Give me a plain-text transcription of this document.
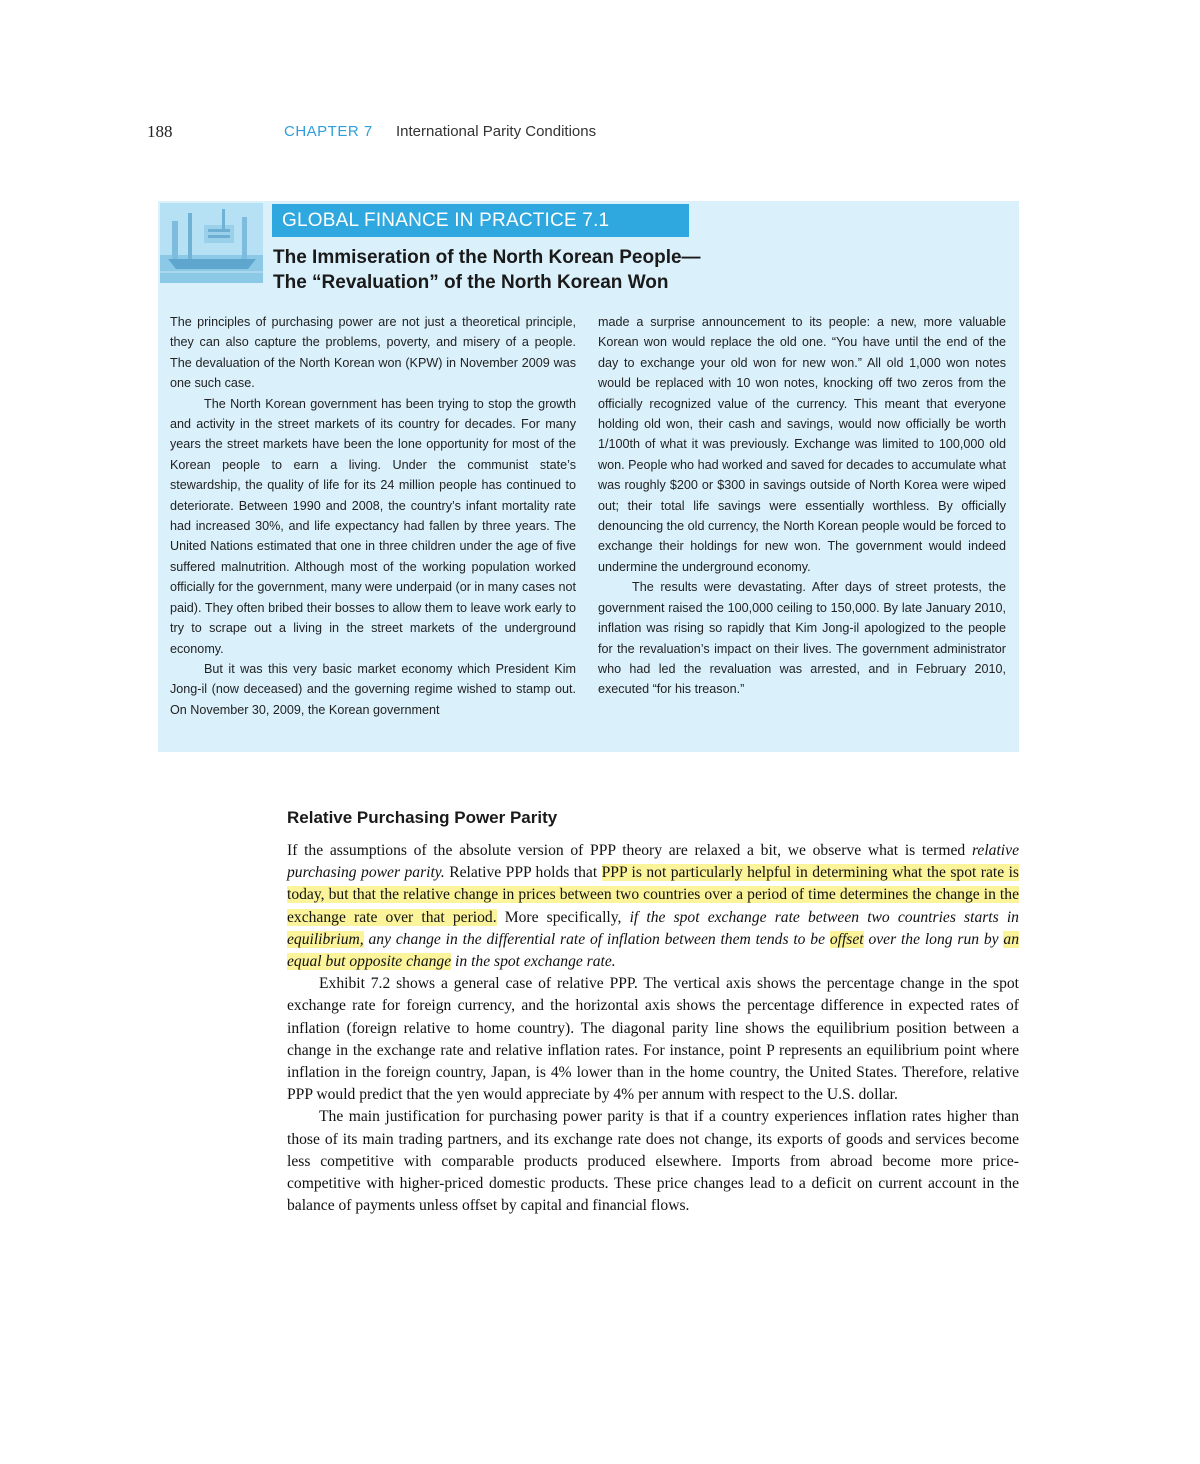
188	CHAPTER 7 International Parity Conditions
GLOBAL FINANCE IN PRACTICE 7.1
The Immiseration of the North Korean People—
The “Revaluation” of the North Korean Won

The principles of purchasing power are not just a theoretical principle, they can also capture the problems, poverty, and misery of a people. The devaluation of the North Korean won (KPW) in November 2009 was one such case.

The North Korean government has been trying to stop the growth and activity in the street markets of its country for decades. For many years the street markets have been the lone opportunity for most of the Korean people to earn a living. Under the communist state’s stewardship, the quality of life for its 24 million people has continued to deteriorate. Between 1990 and 2008, the country’s infant mortality rate had increased 30%, and life expectancy had fallen by three years. The United Nations estimated that one in three children under the age of five suffered malnutrition. Although most of the working population worked officially for the government, many were underpaid (or in many cases not paid). They often bribed their bosses to allow them to leave work early to try to scrape out a living in the street markets of the underground economy.

But it was this very basic market economy which President Kim Jong-il (now deceased) and the governing regime wished to stamp out. On November 30, 2009, the Korean government

made a surprise announcement to its people: a new, more valuable Korean won would replace the old one. “You have until the end of the day to exchange your old won for new won.” All old 1,000 won notes would be replaced with 10 won notes, knocking off two zeros from the officially recognized value of the currency. This meant that everyone holding old won, their cash and savings, would now officially be worth 1/100th of what it was previously. Exchange was limited to 100,000 old won. People who had worked and saved for decades to accumulate what was roughly $200 or $300 in savings outside of North Korea were wiped out; their total life savings were essentially worthless. By officially denouncing the old currency, the North Korean people would be forced to exchange their holdings for new won. The government would indeed undermine the underground economy.

The results were devastating. After days of street protests, the government raised the 100,000 ceiling to 150,000. By late January 2010, inflation was rising so rapidly that Kim Jong-il apologized to the people for the revaluation’s impact on their lives. The government administrator who had led the revaluation was arrested, and in February 2010, executed “for his treason.”

Relative Purchasing Power Parity

If the assumptions of the absolute version of PPP theory are relaxed a bit, we observe what is termed relative purchasing power parity. Relative PPP holds that PPP is not particularly helpful in determining what the spot rate is today, but that the relative change in prices between two countries over a period of time determines the change in the exchange rate over that period. More specifically, if the spot exchange rate between two countries starts in equilibrium, any change in the differential rate of inflation between them tends to be offset over the long run by an equal but opposite change in the spot exchange rate.

Exhibit 7.2 shows a general case of relative PPP. The vertical axis shows the percentage change in the spot exchange rate for foreign currency, and the horizontal axis shows the percentage difference in expected rates of inflation (foreign relative to home country). The diagonal parity line shows the equilibrium position between a change in the exchange rate and relative inflation rates. For instance, point P represents an equilibrium point where inflation in the foreign country, Japan, is 4% lower than in the home country, the United States. Therefore, relative PPP would predict that the yen would appreciate by 4% per annum with respect to the U.S. dollar.

The main justification for purchasing power parity is that if a country experiences inflation rates higher than those of its main trading partners, and its exchange rate does not change, its exports of goods and services become less competitive with comparable products produced elsewhere. Imports from abroad become more price-competitive with higher-priced domestic products. These price changes lead to a deficit on current account in the balance of payments unless offset by capital and financial flows.
